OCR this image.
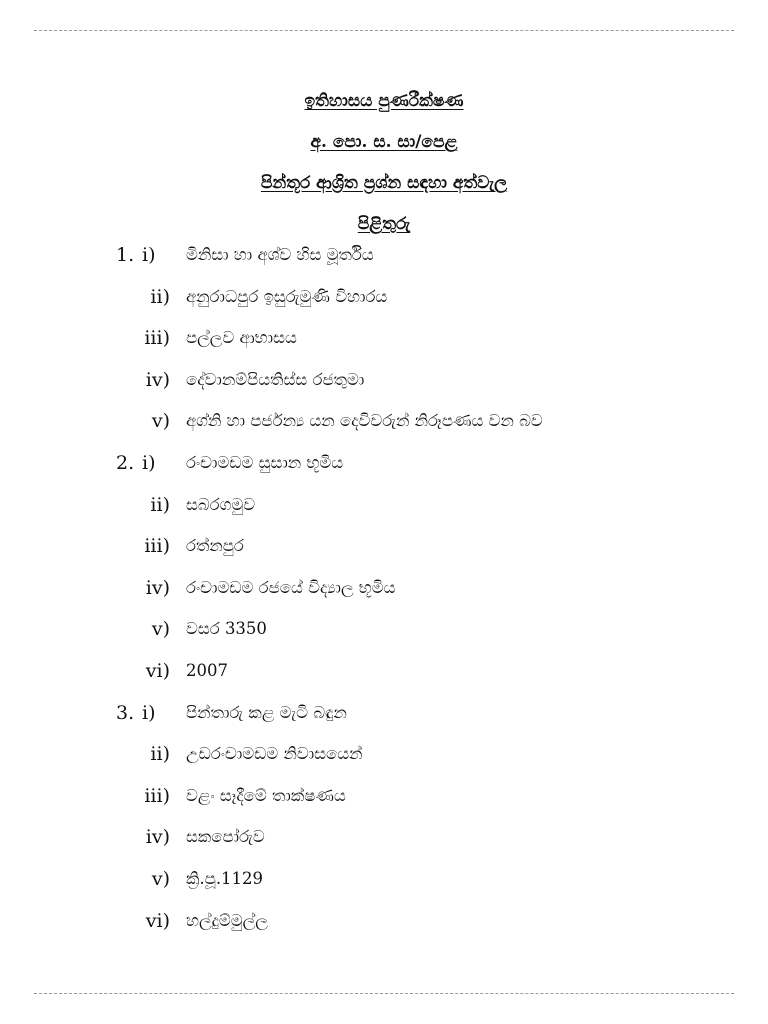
ඉතිහාසය පුණරීක්ෂණ
අ. පො. ස. සා/පෙළ
පින්තූර ආශ්‍රිත ප්‍රශ්න සඳහා අත්වැල
පිළිතුරු
1. i) මිනිසා හා අශ්ව හිස මූර්තිය
ii) අනුරාධපුර ඉසුරුමුණි විහාරය
iii) පල්ලව ආභාසය
iv) දේවානම්පියතිස්ස රජතුමා
v) අග්නි හා පර්ජන්‍ය යන දෙවිවරුන් නිරූපණය වන බව
2. i) රංචාමඩම සුසාන භූමිය
ii) සබරගමුව
iii) රත්නපුර
iv) රංචාමඩම රජයේ විද්‍යාල භූමිය
v) වසර 3350
vi) 2007
3. i) පින්තාරු කළ මැටි බඳුන
ii) උඩරංචාමඩම නිවාසයෙන්
iii) වළං සෑදීමේ තාක්ෂණය
iv) සකපෝරුව
v) ක්‍රි.පූ.1129
vi) හල්දුම්මුල්ල
